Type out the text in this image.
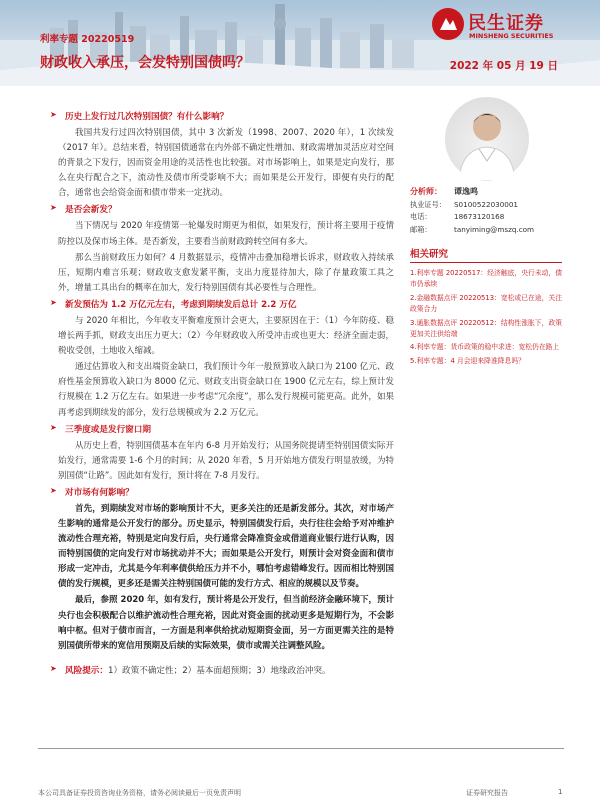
利率专题 20220519
财政收入承压，会发特别国债吗？	2022 年 05 月 19 日
民生证券
MINSHENG SECURITIES
➤ 历史上发行过几次特别国债？有什么影响？
我国共发行过四次特别国债，其中 3 次新发（1998、2007、2020 年），1 次续发（2017 年）。总结来看，特别国债通常在内外部不确定性增加、财政需增加灵活应对空间的背景之下发行，因而资金用途的灵活性也比较强。对市场影响上，如果是定向发行，那么在央行配合之下，流动性及债市所受影响不大；而如果是公开发行，即便有央行的配合，通常也会给资金面和债市带来一定扰动。
➤ 是否会新发？
当下情况与 2020 年疫情第一轮爆发时期更为相似，如果发行，预计将主要用于疫情防控以及保市场主体。是否新发，主要看当前财政跨转空间有多大。
那么当前财政压力如何？4 月数据显示，疫情冲击叠加稳增长诉求，财政收入持续承压，短期内难言乐观；财政收支愈发紧平衡，支出力度显待加大，除了存量政策工具之外，增量工具出台的概率在加大，发行特别国债有其必要性与合理性。
➤ 新发预估为 1.2 万亿元左右，考虑到期续发后总计 2.2 万亿
与 2020 年相比，今年收支平衡难度预计会更大，主要原因在于：（1）今年防疫、稳增长两手抓，财政支出压力更大；（2）今年财政收入所受冲击或也更大：经济全面走弱，税收受创，土地收入缩减。
通过估算收入和支出端资金缺口，我们预计今年一般预算收入缺口为 2100 亿元、政府性基金预算收入缺口为 8000 亿元、财政支出资金缺口在 1900 亿元左右，综上预计发行规模在 1.2 万亿左右。如果进一步考虑“冗余度”，那么发行规模可能更高。此外，如果再考虑到期续发的部分，发行总规模或为 2.2 万亿元。
➤ 三季度或是发行窗口期
从历史上看，特别国债基本在年内 6-8 月开始发行；从国务院提请至特别国债实际开始发行，通常需要 1-6 个月的时间；从 2020 年看，5 月开始地方债发行明显放缓，为特别国债“让路”。因此如有发行，预计将在 7-8 月发行。
➤ 对市场有何影响？
首先，到期续发对市场的影响预计不大，更多关注的还是新发部分。其次，对市场产生影响的通常是公开发行的部分。历史显示，特别国债发行后，央行往往会给予对冲维护流动性合理充裕，特别是定向发行后，央行通常会降准资金或借道商业银行进行认购，因而特别国债的定向发行对市场扰动并不大；而如果是公开发行，则预计会对资金面和债市形成一定冲击，尤其是今年利率债供给压力并不小，哪怕考虑错峰发行。因而相比特别国债的发行规模，更多还是需关注特别国债可能的发行方式、相应的规模以及节奏。
最后，参照 2020 年，如有发行，预计将是公开发行，但当前经济金融环境下，预计央行也会积极配合以维护流动性合理充裕，因此对资金面的扰动更多是短期行为，不会影响中枢。但对于债市而言，一方面是利率供给扰动短期资金面，另一方面更需关注的是特别国债所带来的宽信用预期及后续的实际效果，债市或需关注调整风险。
➤ 风险提示：1）政策不确定性；2）基本面超预期；3）地缘政治冲突。
分析师：	谭逸鸣
执业证号：	S0100522030001
电话：	18673120168
邮箱：	tanyiming@mszq.com
相关研究
1.利率专题 20220517：经济触底，央行未动，债市仍承续
2.金融数据点评 20220513：宽松或已在途，关注政策合力
3.通胀数据点评 20220512：结构性涨胀下，政策更加关注供给端
4.利率专题：货币政策的稳中求进：宽松仍在路上
5.利率专题：4 月会迎来降准降息吗？
本公司具备证券投资咨询业务资格，请务必阅读最后一页免责声明	证券研究报告	1
